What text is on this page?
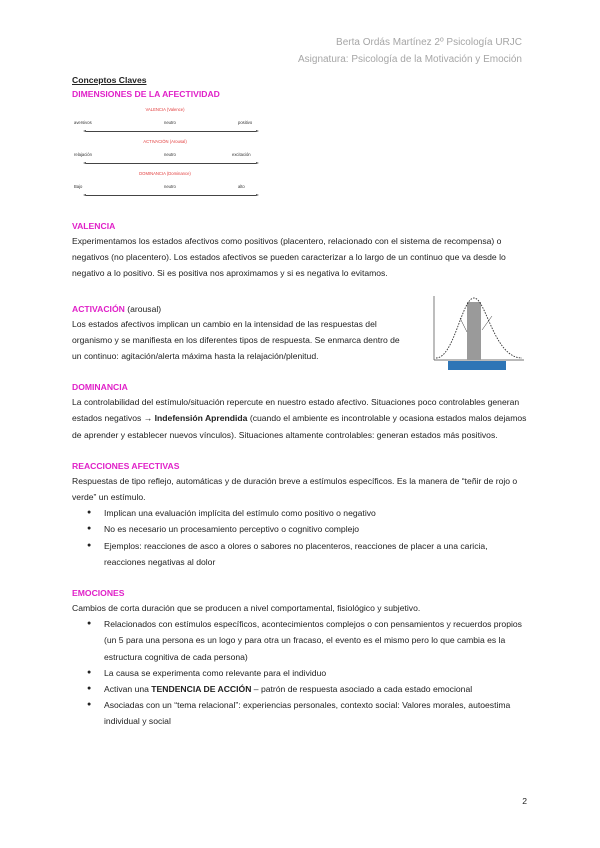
Berta Ordás Martínez 2º Psicología URJC
Asignatura: Psicología de la Motivación y Emoción

Conceptos Claves

DIMENSIONES DE LA AFECTIVIDAD

VALENCIA (Valence)
aversivos	neutro	positivo
ACTIVACIÓN (Arousal)
relajación	neutro	excitación
DOMINANCIA (Dominance)
Bajo	neutro	alto

VALENCIA

Experimentamos los estados afectivos como positivos (placentero, relacionado con el sistema de recompensa) o negativos (no placentero). Los estados afectivos se pueden caracterizar a lo largo de un continuo que va desde lo negativo a lo positivo. Si es positiva nos aproximamos y si es negativa lo evitamos.

ACTIVACIÓN (arousal)

Los estados afectivos implican un cambio en la intensidad de las respuestas del organismo y se manifiesta en los diferentes tipos de respuesta. Se enmarca dentro de un continuo: agitación/alerta máxima hasta la relajación/plenitud.

DOMINANCIA

La controlabilidad del estímulo/situación repercute en nuestro estado afectivo. Situaciones poco controlables generan estados negativos → Indefensión Aprendida (cuando el ambiente es incontrolable y ocasiona estados malos dejamos de aprender y establecer nuevos vínculos). Situaciones altamente controlables: generan estados más positivos.

REACCIONES AFECTIVAS

Respuestas de tipo reflejo, automáticas y de duración breve a estímulos específicos. Es la manera de “teñir de rojo o verde” un estímulo.

● Implican una evaluación implícita del estímulo como positivo o negativo
● No es necesario un procesamiento perceptivo o cognitivo complejo
● Ejemplos: reacciones de asco a olores o sabores no placenteros, reacciones de placer a una caricia, reacciones negativas al dolor

EMOCIONES

Cambios de corta duración que se producen a nivel comportamental, fisiológico y subjetivo.

● Relacionados con estímulos específicos, acontecimientos complejos o con pensamientos y recuerdos propios (un 5 para una persona es un logo y para otra un fracaso, el evento es el mismo pero lo que cambia es la estructura cognitiva de cada persona)
● La causa se experimenta como relevante para el individuo
● Activan una TENDENCIA DE ACCIÓN – patrón de respuesta asociado a cada estado emocional
● Asociadas con un “tema relacional”: experiencias personales, contexto social: Valores morales, autoestima individual y social
2
